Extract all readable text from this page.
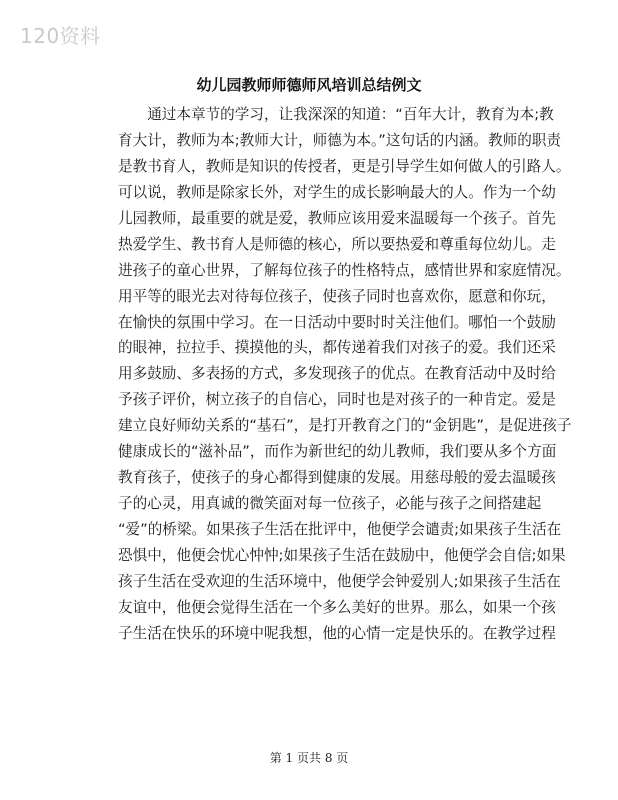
120资料
幼儿园教师师德师风培训总结例文
　　通过本章节的学习，让我深深的知道：“百年大计，教育为本;教
育大计，教师为本;教师大计，师德为本。”这句话的内涵。教师的职责
是教书育人，教师是知识的传授者，更是引导学生如何做人的引路人。
可以说，教师是除家长外，对学生的成长影响最大的人。作为一个幼
儿园教师，最重要的就是爱，教师应该用爱来温暖每一个孩子。首先
热爱学生、教书育人是师德的核心，所以要热爱和尊重每位幼儿。走
进孩子的童心世界，了解每位孩子的性格特点，感情世界和家庭情况。
用平等的眼光去对待每位孩子，使孩子同时也喜欢你，愿意和你玩，
在愉快的氛围中学习。在一日活动中要时时关注他们。哪怕一个鼓励
的眼神，拉拉手、摸摸他的头，都传递着我们对孩子的爱。我们还采
用多鼓励、多表扬的方式，多发现孩子的优点。在教育活动中及时给
予孩子评价，树立孩子的自信心，同时也是对孩子的一种肯定。爱是
建立良好师幼关系的“基石”，是打开教育之门的“金钥匙”，是促进孩子
健康成长的“滋补品”，而作为新世纪的幼儿教师，我们要从多个方面
教育孩子，使孩子的身心都得到健康的发展。用慈母般的爱去温暖孩
子的心灵，用真诚的微笑面对每一位孩子，必能与孩子之间搭建起
“爱”的桥梁。如果孩子生活在批评中，他便学会谴责;如果孩子生活在
恐惧中，他便会忧心忡忡;如果孩子生活在鼓励中，他便学会自信;如果
孩子生活在受欢迎的生活环境中，他便学会钟爱别人;如果孩子生活在
友谊中，他便会觉得生活在一个多么美好的世界。那么，如果一个孩
子生活在快乐的环境中呢我想，他的心情一定是快乐的。在教学过程
第 1 页共 8 页
